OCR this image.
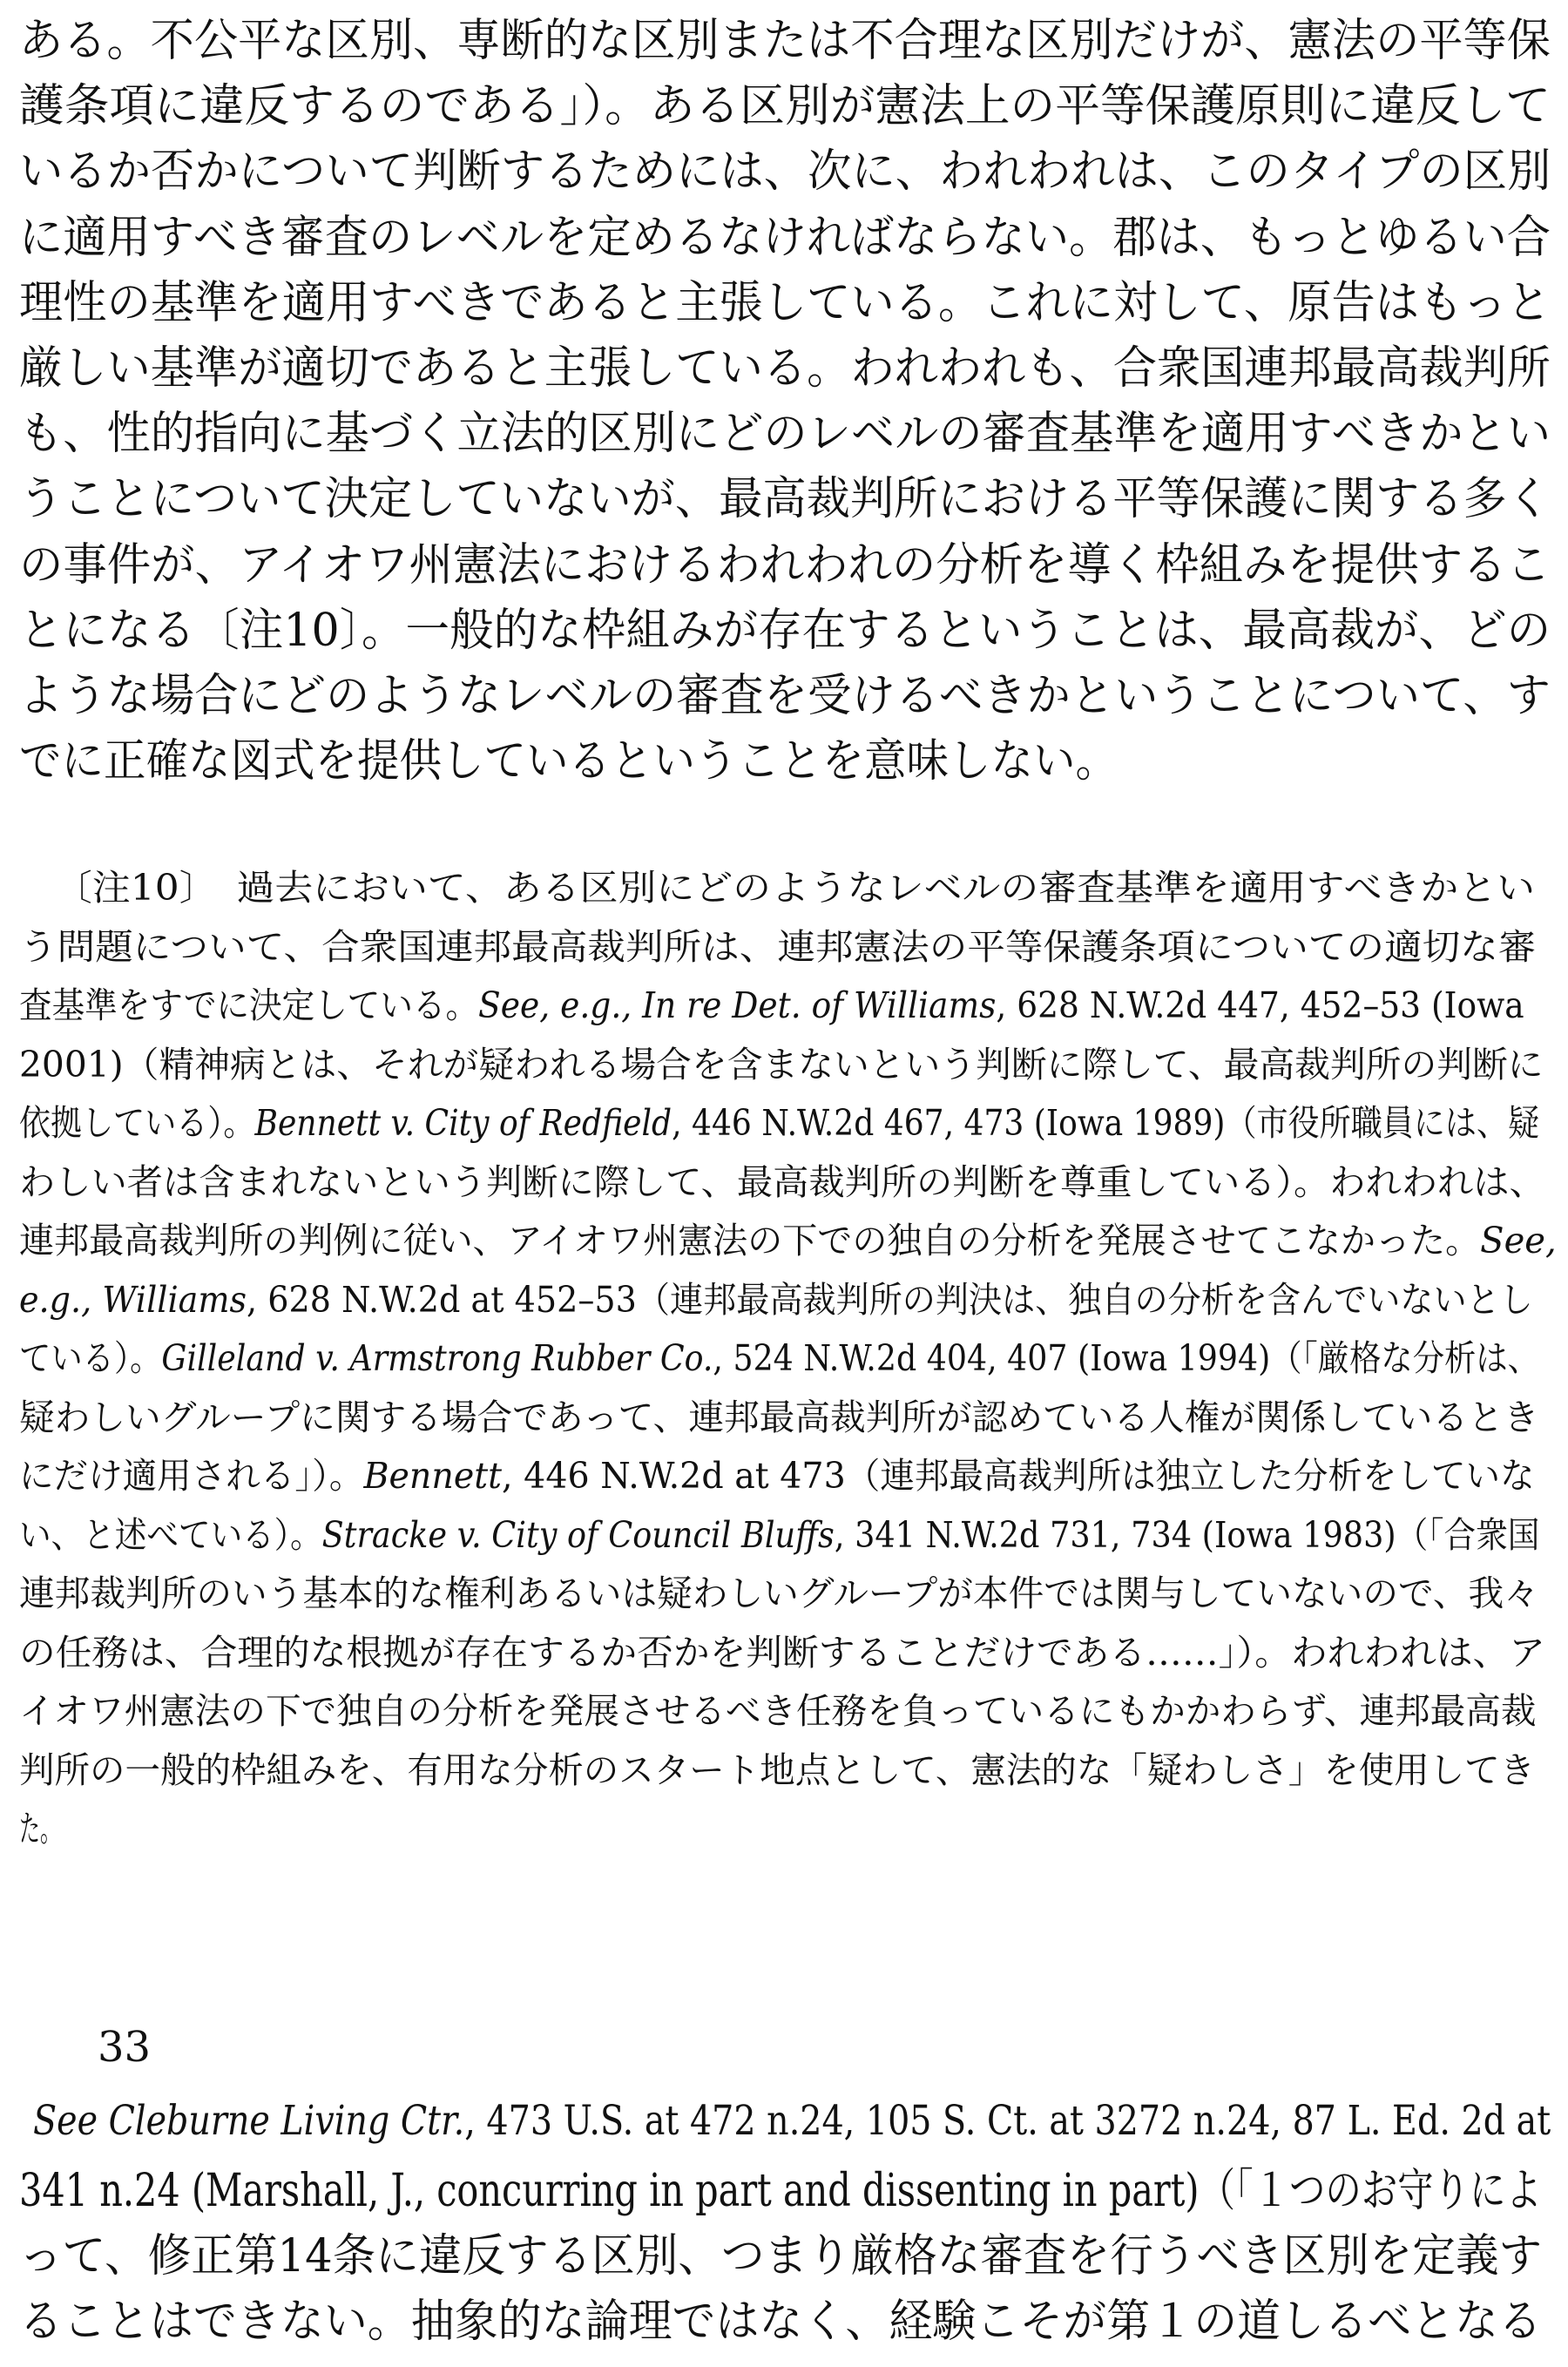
ある。不公平な区別、専断的な区別または不合理な区別だけが、憲法の平等保
護条項に違反するのである」）。ある区別が憲法上の平等保護原則に違反して
いるか否かについて判断するためには、次に、われわれは、このタイプの区別
に適用すべき審査のレベルを定めるなければならない。郡は、もっとゆるい合
理性の基準を適用すべきであると主張している。これに対して、原告はもっと
厳しい基準が適切であると主張している。われわれも、合衆国連邦最高裁判所
も、性的指向に基づく立法的区別にどのレベルの審査基準を適用すべきかとい
うことについて決定していないが、最高裁判所における平等保護に関する多く
の事件が、アイオワ州憲法におけるわれわれの分析を導く枠組みを提供するこ
とになる〔注10〕。一般的な枠組みが存在するということは、最高裁が、どの
ような場合にどのようなレベルの審査を受けるべきかということについて、す
でに正確な図式を提供しているということを意味しない。
〔注10〕　過去において、ある区別にどのようなレベルの審査基準を適用すべきかとい
う問題について、合衆国連邦最高裁判所は、連邦憲法の平等保護条項についての適切な審
査基準をすでに決定している。See, e.g., In re Det. of Williams, 628 N.W.2d 447, 452–53 (Iowa
2001)（精神病とは、それが疑われる場合を含まないという判断に際して、最高裁判所の判断に
依拠している）。Bennett v. City of Redfield, 446 N.W.2d 467, 473 (Iowa 1989)（市役所職員には、疑
わしい者は含まれないという判断に際して、最高裁判所の判断を尊重している）。われわれは、
連邦最高裁判所の判例に従い、アイオワ州憲法の下での独自の分析を発展させてこなかった。See,
e.g., Williams, 628 N.W.2d at 452–53（連邦最高裁判所の判決は、独自の分析を含んでいないとし
ている）。Gilleland v. Armstrong Rubber Co., 524 N.W.2d 404, 407 (Iowa 1994)（「厳格な分析は、
疑わしいグループに関する場合であって、連邦最高裁判所が認めている人権が関係しているとき
にだけ適用される」）。Bennett, 446 N.W.2d at 473（連邦最高裁判所は独立した分析をしていな
い、と述べている）。Stracke v. City of Council Bluffs, 341 N.W.2d 731, 734 (Iowa 1983)（「合衆国
連邦裁判所のいう基本的な権利あるいは疑わしいグループが本件では関与していないので、我々
の任務は、合理的な根拠が存在するか否かを判断することだけである……」）。われわれは、ア
イオワ州憲法の下で独自の分析を発展させるべき任務を負っているにもかかわらず、連邦最高裁
判所の一般的枠組みを、有用な分析のスタート地点として、憲法的な「疑わしさ」を使用してき
た。
33
See Cleburne Living Ctr., 473 U.S. at 472 n.24, 105 S. Ct. at 3272 n.24, 87 L. Ed. 2d at
341 n.24 (Marshall, J., concurring in part and dissenting in part)（「１つのお守りによ
って、修正第14条に違反する区別、つまり厳格な審査を行うべき区別を定義す
ることはできない。抽象的な論理ではなく、経験こそが第１の道しるべとなる
